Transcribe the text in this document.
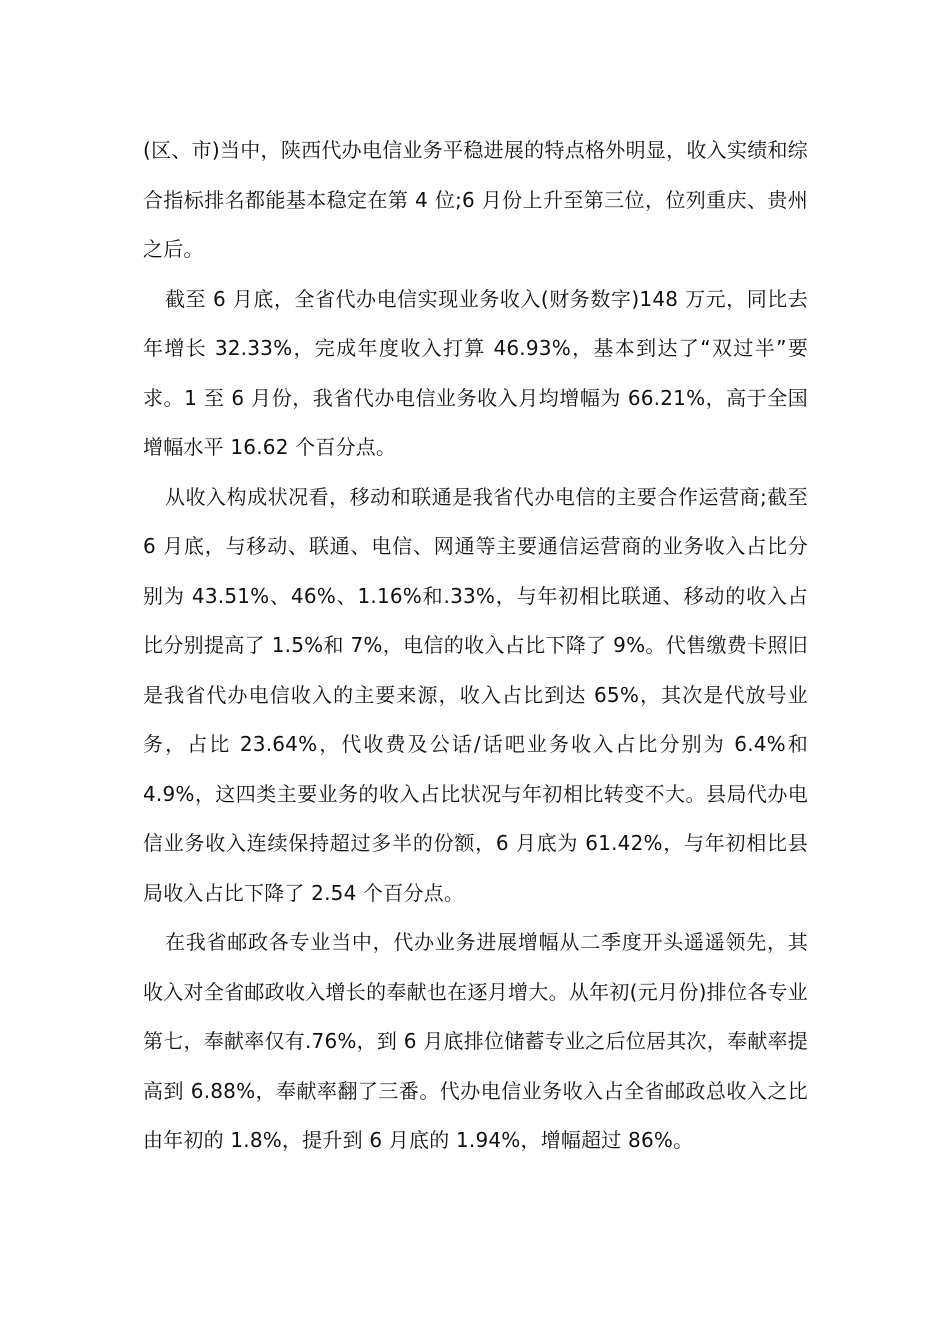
(区、市)当中，陕西代办电信业务平稳进展的特点格外明显，收入实绩和综合指标排名都能基本稳定在第 4 位;6 月份上升至第三位，位列重庆、贵州之后。

截至 6 月底，全省代办电信实现业务收入(财务数字)148 万元，同比去年增长 32.33%，完成年度收入打算 46.93%，基本到达了“双过半”要求。1 至 6 月份，我省代办电信业务收入月均增幅为 66.21%，高于全国增幅水平 16.62 个百分点。

从收入构成状况看，移动和联通是我省代办电信的主要合作运营商;截至 6 月底，与移动、联通、电信、网通等主要通信运营商的业务收入占比分别为 43.51%、46%、1.16%和.33%，与年初相比联通、移动的收入占比分别提高了 1.5%和 7%，电信的收入占比下降了 9%。代售缴费卡照旧是我省代办电信收入的主要来源，收入占比到达 65%，其次是代放号业务，占比 23.64%，代收费及公话/话吧业务收入占比分别为 6.4%和 4.9%，这四类主要业务的收入占比状况与年初相比转变不大。县局代办电信业务收入连续保持超过多半的份额，6 月底为 61.42%，与年初相比县局收入占比下降了 2.54 个百分点。

在我省邮政各专业当中，代办业务进展增幅从二季度开头遥遥领先，其收入对全省邮政收入增长的奉献也在逐月增大。从年初(元月份)排位各专业第七，奉献率仅有.76%，到 6 月底排位储蓄专业之后位居其次，奉献率提高到 6.88%，奉献率翻了三番。代办电信业务收入占全省邮政总收入之比由年初的 1.8%，提升到 6 月底的 1.94%，增幅超过 86%。
